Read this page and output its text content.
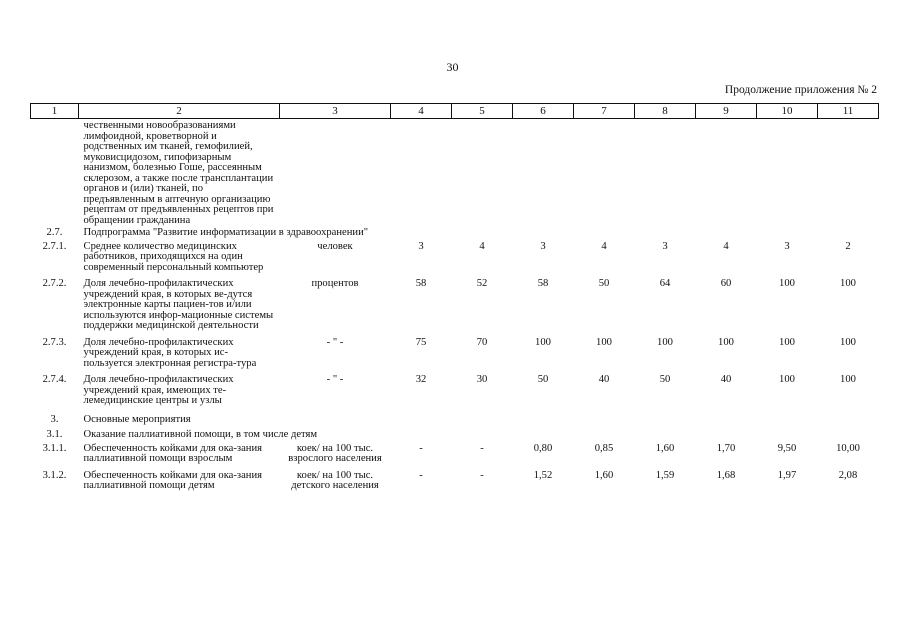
30
Продолжение приложения № 2
1	2	3	4	5	6	7	8	9	10	11
	чественными новообразованиями лимфоидной, кроветворной и родственных им тканей, гемофилией, муковисцидозом, гипофизарным нанизмом, болезнью Гоше, рассеянным склерозом, а также после трансплантации органов и (или) тканей, по предъявленным в аптечную организацию рецептам от предъявленных рецептов при обращении гражданина									
2.7.	Подпрограмма "Развитие информатизации в здравоохранении"									
2.7.1.	Среднее количество медицинских работников, приходящихся на один современный персональный компьютер	человек	3	4	3	4	3	4	3	2

2.7.2.	Доля лечебно-профилактических учреждений края, в которых ве-дутся электронные карты пациен-тов и/или используются инфор-мационные системы поддержки медицинской деятельности	процентов	58	52	58	50	64	60	100	100

2.7.3.	Доля лечебно-профилактических учреждений края, в которых ис-пользуется электронная регистра-тура	- " -	75	70	100	100	100	100	100	100

2.7.4.	Доля лечебно-профилактических учреждений края, имеющих те-лемедицинские центры и узлы	- " -	32	30	50	40	50	40	100	100

3.	Основные мероприятия									
3.1.	Оказание паллиативной помощи, в том числе детям									
3.1.1.	Обеспеченность койками для ока-зания паллиативной помощи взрослым	коек/ на 100 тыс. взрослого населения	-	-	0,80	0,85	1,60	1,70	9,50	10,00

3.1.2.	Обеспеченность койками для ока-зания паллиативной помощи детям	коек/ на 100 тыс. детского населения	-	-	1,52	1,60	1,59	1,68	1,97	2,08
